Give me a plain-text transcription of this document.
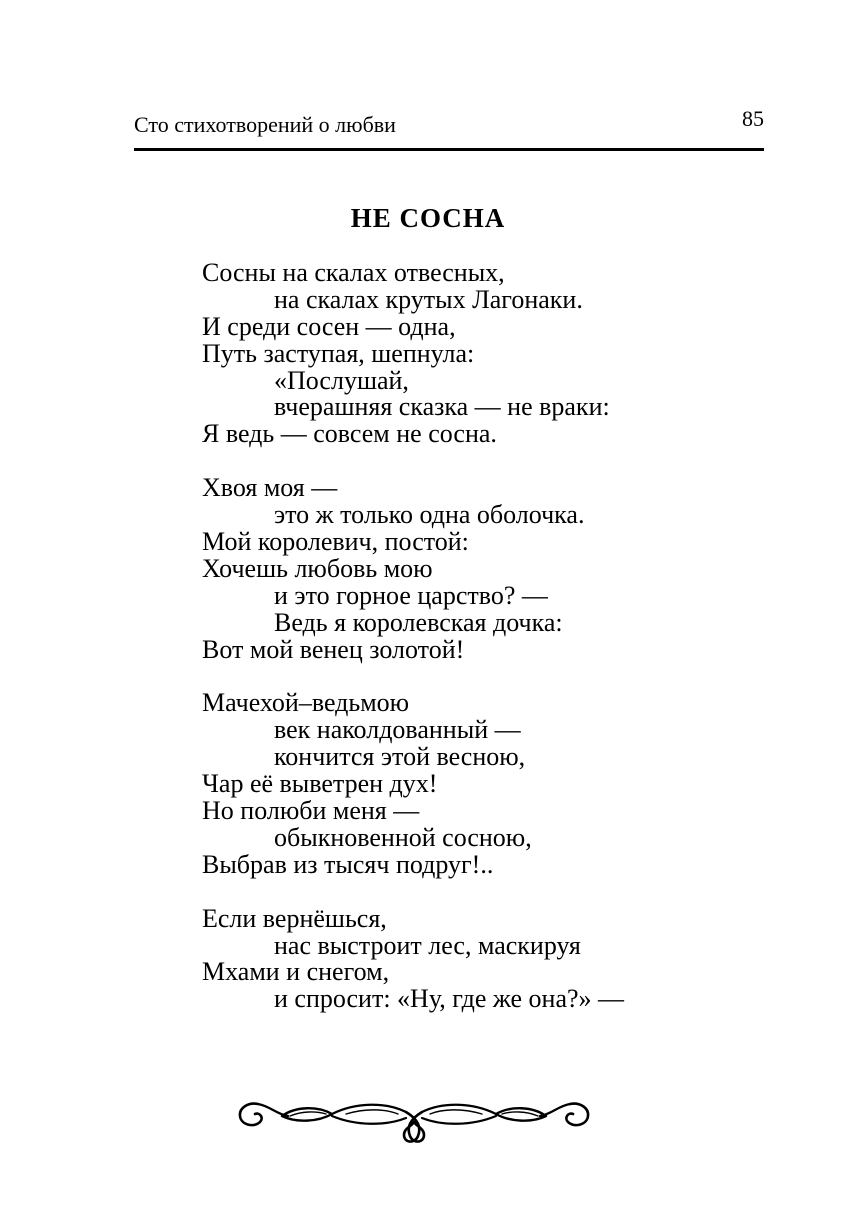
Сто стихотворений о любви	85
НЕ СОСНА
Сосны на скалах отвесных,
на скалах крутых Лагонаки.
И среди сосен — одна,
Путь заступая, шепнула:
«Послушай,
вчерашняя сказка — не враки:
Я ведь — совсем не сосна.
Хвоя моя —
это ж только одна оболочка.
Мой королевич, постой:
Хочешь любовь мою
и это горное царство? —
Ведь я королевская дочка:
Вот мой венец золотой!
Мачехой–ведьмою
век наколдованный —
кончится этой весною,
Чар её выветрен дух!
Но полюби меня —
обыкновенной сосною,
Выбрав из тысяч подруг!..
Если вернёшься,
нас выстроит лес, маскируя
Мхами и снегом,
и спросит: «Ну, где же она?» —
